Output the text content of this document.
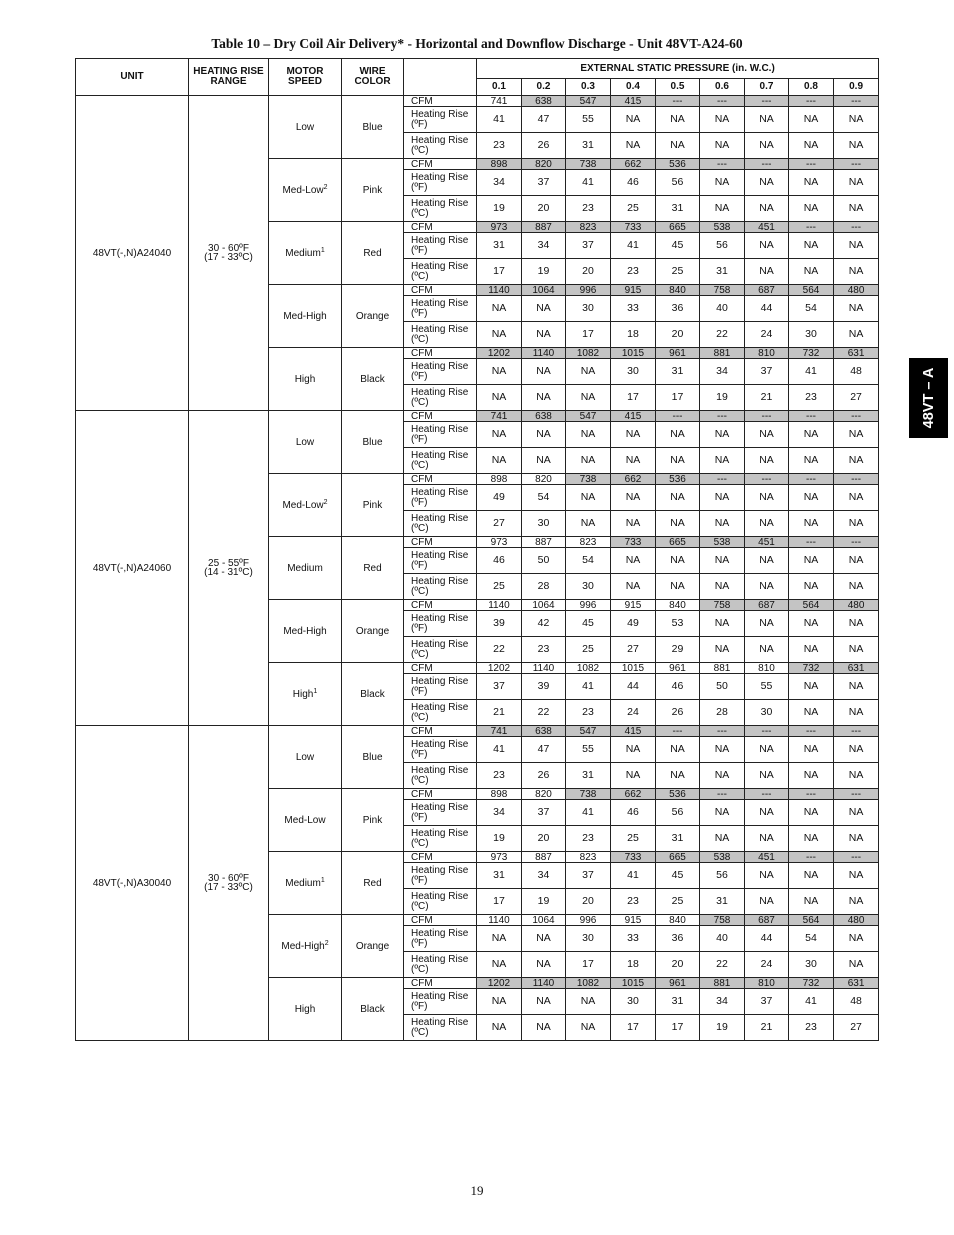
Table 10 – Dry Coil Air Delivery* - Horizontal and Downflow Discharge - Unit 48VT-A24-60
UNIT	HEATING RISE RANGE	MOTOR SPEED	WIRE COLOR		EXTERNAL STATIC PRESSURE (in. W.C.)								
					0.1	0.2	0.3	0.4	0.5	0.6	0.7	0.8	0.9
48VT(-,N)A24040	30 - 60ºF
(17 - 33ºC)	Low	Blue	CFM	741	638	547	415	---	---	---	---	---
				Heating Rise (ºF)	41	47	55	NA	NA	NA	NA	NA	NA
				Heating Rise (ºC)	23	26	31	NA	NA	NA	NA	NA	NA
		Med-Low$^2$	Pink	CFM	898	820	738	662	536	---	---	---	---
				Heating Rise (ºF)	34	37	41	46	56	NA	NA	NA	NA
				Heating Rise (ºC)	19	20	23	25	31	NA	NA	NA	NA
		Medium$^1$	Red	CFM	973	887	823	733	665	538	451	---	---
				Heating Rise (ºF)	31	34	37	41	45	56	NA	NA	NA
				Heating Rise (ºC)	17	19	20	23	25	31	NA	NA	NA
		Med-High	Orange	CFM	1140	1064	996	915	840	758	687	564	480
				Heating Rise (ºF)	NA	NA	30	33	36	40	44	54	NA
				Heating Rise (ºC)	NA	NA	17	18	20	22	24	30	NA
		High	Black	CFM	1202	1140	1082	1015	961	881	810	732	631
				Heating Rise (ºF)	NA	NA	NA	30	31	34	37	41	48
				Heating Rise (ºC)	NA	NA	NA	17	17	19	21	23	27
48VT(-,N)A24060	25 - 55ºF
(14 - 31ºC)	Low	Blue	CFM	741	638	547	415	---	---	---	---	---
				Heating Rise (ºF)	NA	NA	NA	NA	NA	NA	NA	NA	NA
				Heating Rise (ºC)	NA	NA	NA	NA	NA	NA	NA	NA	NA
		Med-Low$^2$	Pink	CFM	898	820	738	662	536	---	---	---	---
				Heating Rise (ºF)	49	54	NA	NA	NA	NA	NA	NA	NA
				Heating Rise (ºC)	27	30	NA	NA	NA	NA	NA	NA	NA
		Medium	Red	CFM	973	887	823	733	665	538	451	---	---
				Heating Rise (ºF)	46	50	54	NA	NA	NA	NA	NA	NA
				Heating Rise (ºC)	25	28	30	NA	NA	NA	NA	NA	NA
		Med-High	Orange	CFM	1140	1064	996	915	840	758	687	564	480
				Heating Rise (ºF)	39	42	45	49	53	NA	NA	NA	NA
				Heating Rise (ºC)	22	23	25	27	29	NA	NA	NA	NA
		High$^1$	Black	CFM	1202	1140	1082	1015	961	881	810	732	631
				Heating Rise (ºF)	37	39	41	44	46	50	55	NA	NA
				Heating Rise (ºC)	21	22	23	24	26	28	30	NA	NA
48VT(-,N)A30040	30 - 60ºF
(17 - 33ºC)	Low	Blue	CFM	741	638	547	415	---	---	---	---	---
				Heating Rise (ºF)	41	47	55	NA	NA	NA	NA	NA	NA
				Heating Rise (ºC)	23	26	31	NA	NA	NA	NA	NA	NA
		Med-Low	Pink	CFM	898	820	738	662	536	---	---	---	---
				Heating Rise (ºF)	34	37	41	46	56	NA	NA	NA	NA
				Heating Rise (ºC)	19	20	23	25	31	NA	NA	NA	NA
		Medium$^1$	Red	CFM	973	887	823	733	665	538	451	---	---
				Heating Rise (ºF)	31	34	37	41	45	56	NA	NA	NA
				Heating Rise (ºC)	17	19	20	23	25	31	NA	NA	NA
		Med-High$^2$	Orange	CFM	1140	1064	996	915	840	758	687	564	480
				Heating Rise (ºF)	NA	NA	30	33	36	40	44	54	NA
				Heating Rise (ºC)	NA	NA	17	18	20	22	24	30	NA
		High	Black	CFM	1202	1140	1082	1015	961	881	810	732	631
				Heating Rise (ºF)	NA	NA	NA	30	31	34	37	41	48
				Heating Rise (ºC)	NA	NA	NA	17	17	19	21	23	27
48VT – A
19
